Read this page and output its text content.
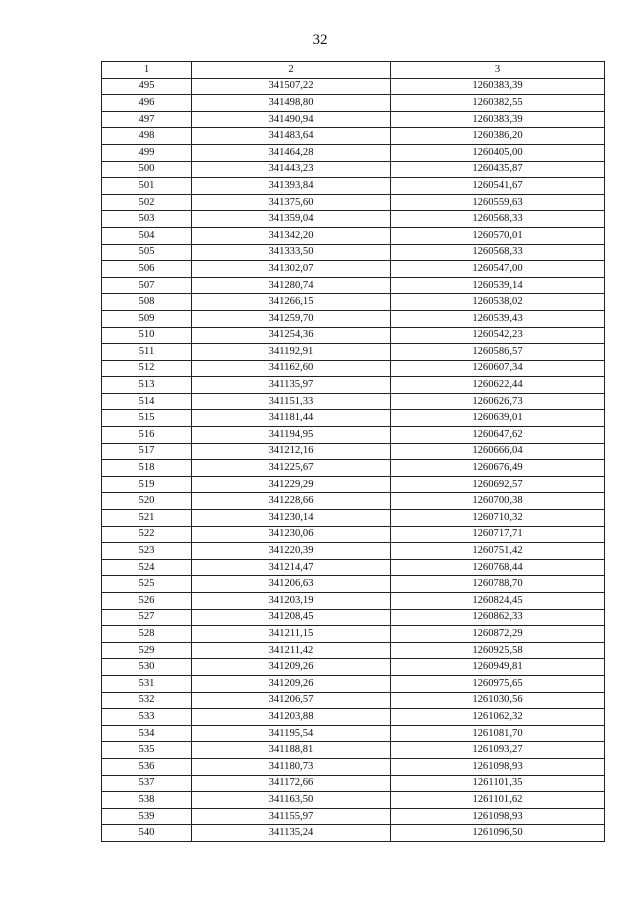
32
1	2	3
495	341507,22	1260383,39
496	341498,80	1260382,55
497	341490,94	1260383,39
498	341483,64	1260386,20
499	341464,28	1260405,00
500	341443,23	1260435,87
501	341393,84	1260541,67
502	341375,60	1260559,63
503	341359,04	1260568,33
504	341342,20	1260570,01
505	341333,50	1260568,33
506	341302,07	1260547,00
507	341280,74	1260539,14
508	341266,15	1260538,02
509	341259,70	1260539,43
510	341254,36	1260542,23
511	341192,91	1260586,57
512	341162,60	1260607,34
513	341135,97	1260622,44
514	341151,33	1260626,73
515	341181,44	1260639,01
516	341194,95	1260647,62
517	341212,16	1260666,04
518	341225,67	1260676,49
519	341229,29	1260692,57
520	341228,66	1260700,38
521	341230,14	1260710,32
522	341230,06	1260717,71
523	341220,39	1260751,42
524	341214,47	1260768,44
525	341206,63	1260788,70
526	341203,19	1260824,45
527	341208,45	1260862,33
528	341211,15	1260872,29
529	341211,42	1260925,58
530	341209,26	1260949,81
531	341209,26	1260975,65
532	341206,57	1261030,56
533	341203,88	1261062,32
534	341195,54	1261081,70
535	341188,81	1261093,27
536	341180,73	1261098,93
537	341172,66	1261101,35
538	341163,50	1261101,62
539	341155,97	1261098,93
540	341135,24	1261096,50
